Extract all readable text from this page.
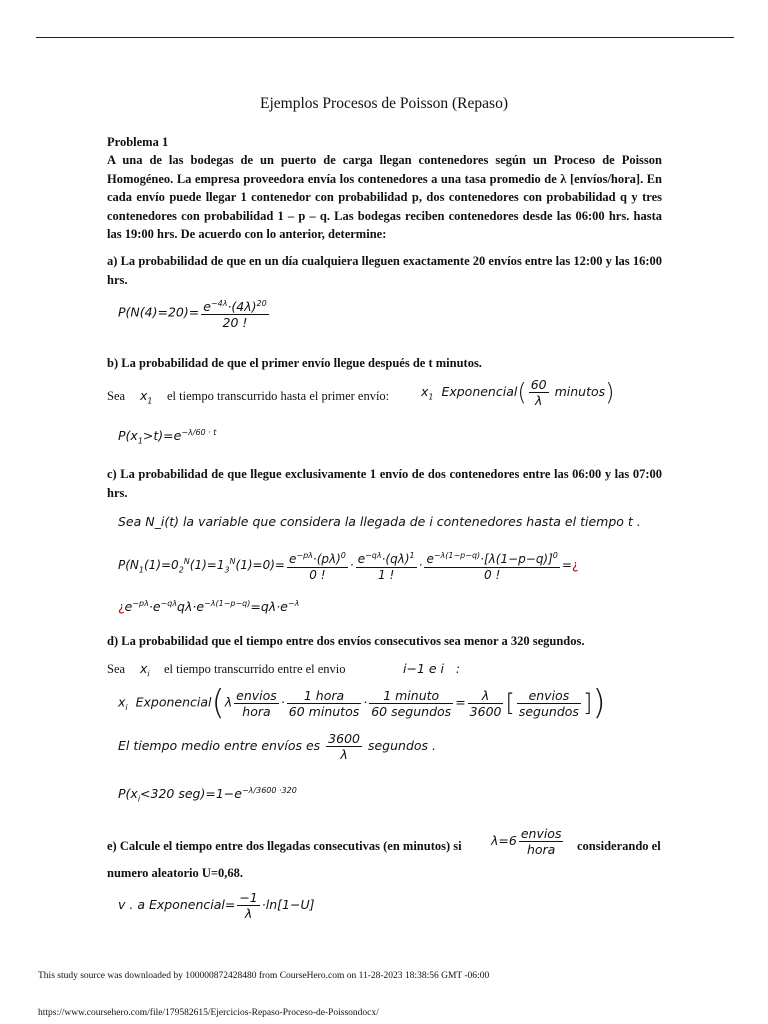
Ejemplos Procesos de Poisson (Repaso)
Problema 1
A una de las bodegas de un puerto de carga llegan contenedores según un Proceso de Poisson Homogéneo. La empresa proveedora envía los contenedores a una tasa promedio de λ [envíos/hora]. En cada envío puede llegar 1 contenedor con probabilidad p, dos contenedores con probabilidad q y tres contenedores con probabilidad 1 – p – q. Las bodegas reciben contenedores desde las 06:00 hrs. hasta las 19:00 hrs. De acuerdo con lo anterior, determine:
a) La probabilidad de que en un día cualquiera lleguen exactamente 20 envíos entre las 12:00 y las 16:00 hrs.
$P(N(4)=20)= \frac{e^{-4\lambda}\cdot(4\lambda)^{20}}{20 !}$
b) La probabilidad de que el primer envío llegue después de t minutos.
Sea $x_1$ el tiempo transcurrido hasta el primer envío:	$x_1$  Exponencial( $\frac{60}{\lambda}$ minutos)
$P(x_1>t)=e^{-\lambda/60 \cdot t}$
c) La probabilidad de que llegue exclusivamente 1 envío de dos contenedores entre las 06:00 y las 07:00 hrs.
Sea N_i(t) la variable que considera la llegada de i contenedores hasta el tiempo t .
$P(N_1(1)=0_2^N(1)=1_3^N(1)=0)= \frac{e^{-p\lambda}\cdot(p\lambda)^0}{0 !} \cdot \frac{e^{-q\lambda}\cdot(q\lambda)^1}{1 !} \cdot \frac{e^{-\lambda(1-p-q)}\cdot[\lambda(1-p-q)]^0}{0 !}$ =¿
¿$e^{-p\lambda}\cdot e^{-q\lambda}q\lambda\cdot e^{-\lambda(1-p-q)}=q\lambda\cdot e^{-\lambda}$
d) La probabilidad que el tiempo entre dos envíos consecutivos sea menor a 320 segundos.
Sea $x_i$ el tiempo transcurrido entre el envio	i−1 e i   :
$x_i$  Exponencial(λ $\frac{\text{envios}}{\text{hora}} \cdot \frac{\text{1 hora}}{\text{60 minutos}} \cdot \frac{\text{1 minuto}}{\text{60 segundos}} = \frac{\lambda}{3600}$ [ $\frac{\text{envios}}{\text{segundos}}$ ])
El tiempo medio entre envíos es $\frac{3600}{\lambda}$ segundos .
$P(x_i<320$ $seg)=1-e^{-\lambda/3600 \cdot 320}$
e) Calcule el tiempo entre dos llegadas consecutivas (en minutos) si $\lambda=6 \frac{\text{envios}}{\text{hora}}$ considerando el
numero aleatorio U=0,68.
v . a Exponencial= $\frac{-1}{\lambda} \cdot\ln[1-U]$
This study source was downloaded by 100000872428480 from CourseHero.com on 11-28-2023 18:38:56 GMT -06:00
https://www.coursehero.com/file/179582615/Ejercicios-Repaso-Proceso-de-Poissondocx/
